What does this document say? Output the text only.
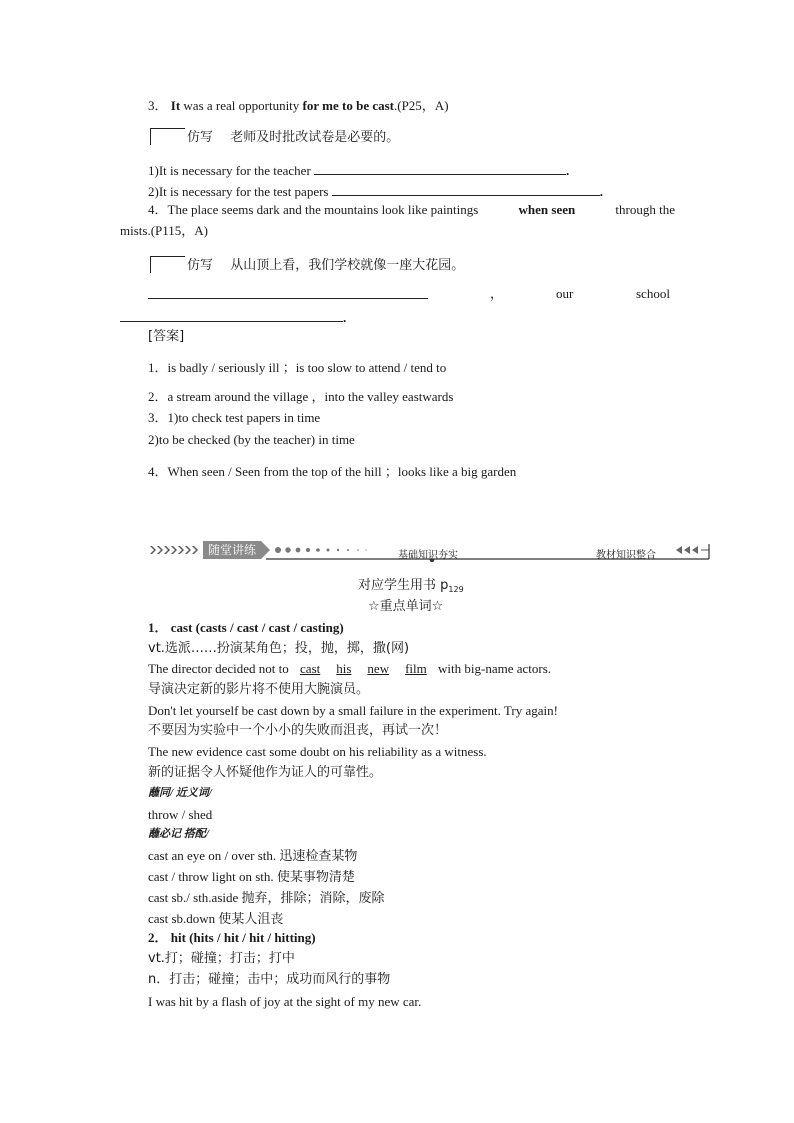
3． It was a real opportunity for me to be cast.(P25，A)
仿写 老师及时批改试卷是必要的。
1)It is necessary for the teacher	.
2)It is necessary for the test papers	.
4．The place seems dark and the mountains look like paintings	when seen	through the
mists.(P115，A)
仿写 从山顶上看，我们学校就像一座大花园。
，	our	school
.
[答案]
1．is badly / seriously ill ；is too slow to attend / tend to
2．a stream around the village ，into the valley eastwards
3．1)to check test papers in time
2)to be checked (by the teacher) in time
4．When seen / Seen from the top of the hill ；looks like a big garden
随堂讲练	基础知识夯实	教材知识整合
对应学生用书 $p_{129}$
☆重点单词☆
1． cast (casts / cast / cast / casting)
vt.选派……扮演某角色；投，抛，掷，撒(网)
The director decided not to cast his new film with big-name actors.
导演决定新的影片将不使用大腕演员。
Don't let yourself be cast down by a small failure in the experiment. Try again!
不要因为实验中一个小小的失败而沮丧，再试一次！
The new evidence cast some doubt on his reliability as a witness.
新的证据令人怀疑他作为证人的可靠性。
蘸同/ 近义词/
throw / shed
蘸必记 搭配/
cast an eye on / over sth. 迅速检查某物
cast / throw light on sth. 使某事物清楚
cast sb./ sth.aside 抛弃，排除；消除，废除
cast sb.down 使某人沮丧
2． hit (hits / hit / hit / hitting)
vt.打；碰撞；打击；打中
n．打击；碰撞；击中；成功而风行的事物
I was hit by a flash of joy at the sight of my new car.
